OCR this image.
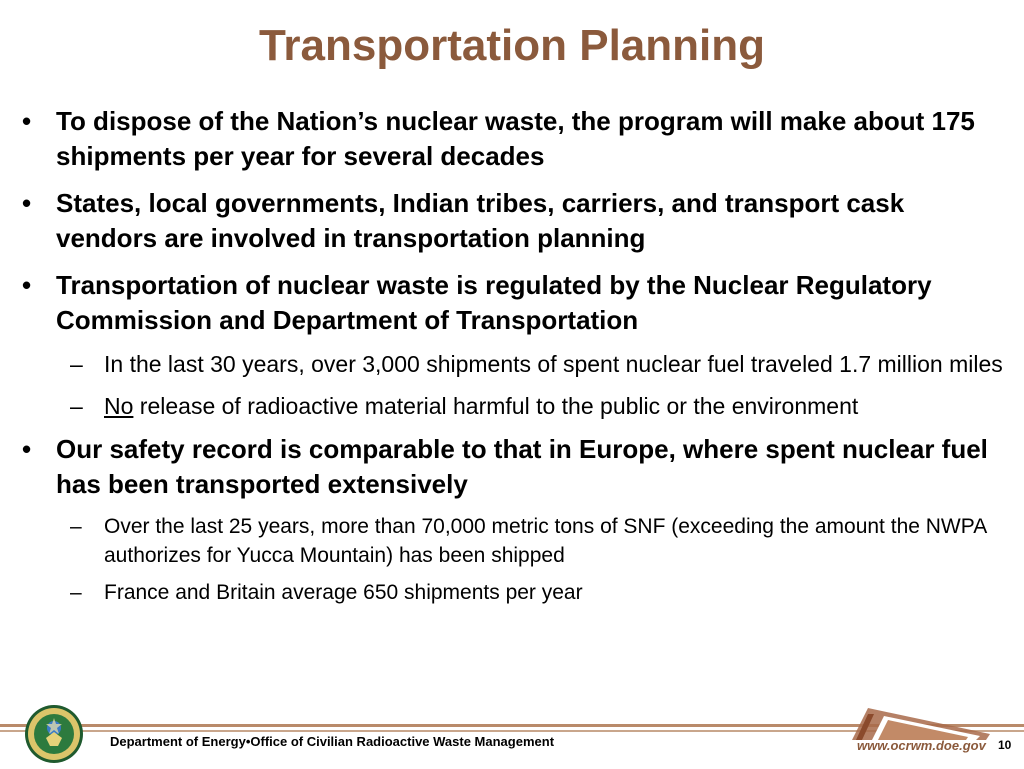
Transportation Planning
• To dispose of the Nation’s nuclear waste, the program will make about 175 shipments per year for several decades
• States, local governments, Indian tribes, carriers, and transport cask vendors are involved in transportation planning
• Transportation of nuclear waste is regulated by the Nuclear Regulatory Commission and Department of Transportation
– In the last 30 years, over 3,000 shipments of spent nuclear fuel traveled 1.7 million miles
– No release of radioactive material harmful to the public or the environment
• Our safety record is comparable to that in Europe, where spent nuclear fuel has been transported extensively
– Over the last 25 years, more than 70,000 metric tons of SNF (exceeding the amount the NWPA authorizes for Yucca Mountain) has been shipped
– France and Britain average 650 shipments per year
Department of Energy•Office of Civilian Radioactive Waste Management	www.ocrwm.doe.gov 10
